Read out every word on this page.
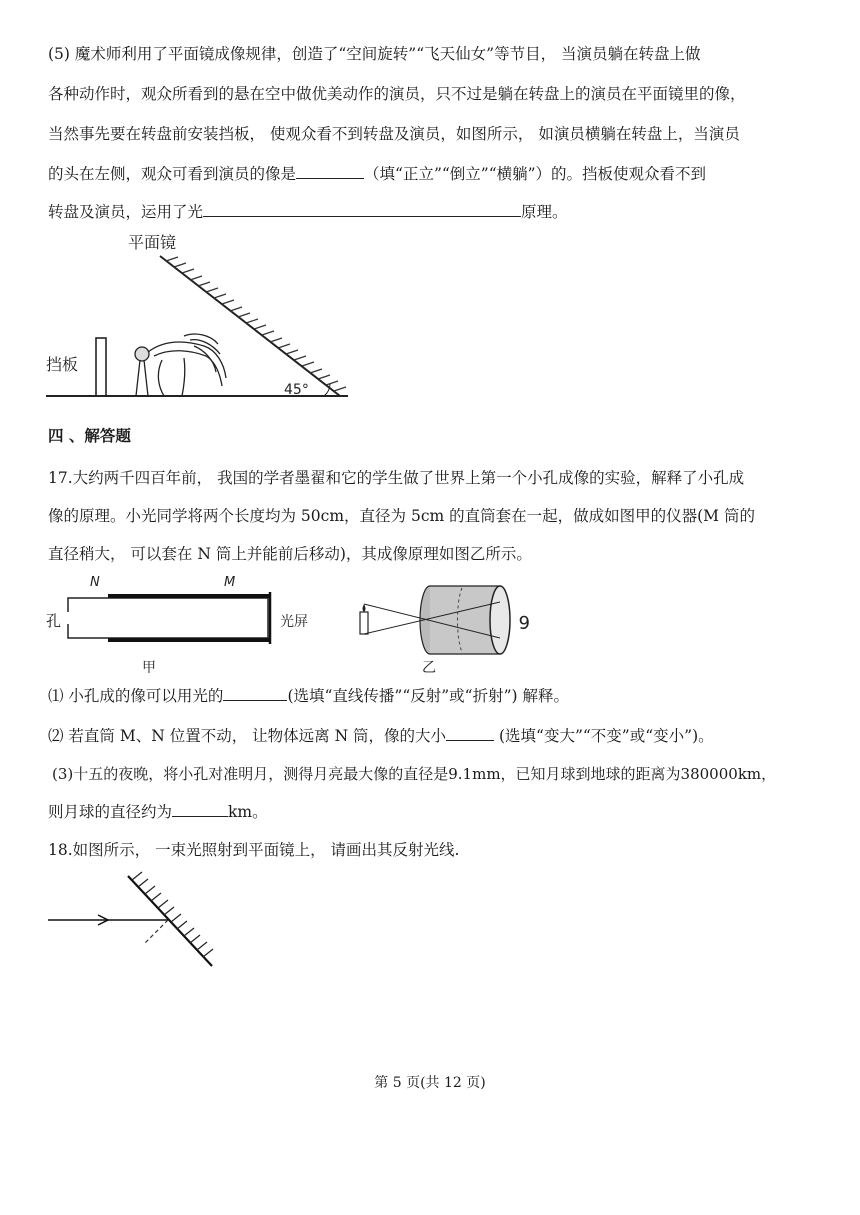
(5) 魔术师利用了平面镜成像规律，创造了“空间旋转”“飞天仙女”等节目， 当演员躺在转盘上做
各种动作时，观众所看到的悬在空中做优美动作的演员，只不过是躺在转盘上的演员在平面镜里的像，
当然事先要在转盘前安装挡板， 使观众看不到转盘及演员，如图所示， 如演员横躺在转盘上，当演员
的头在左侧，观众可看到演员的像是	（填“正立”“倒立”“横躺”）的。挡板使观众看不到
转盘及演员，运用了光	原理。
平面镜
挡板
45°
四 、解答题
17.大约两千四百年前， 我国的学者墨翟和它的学生做了世界上第一个小孔成像的实验，解释了小孔成
像的原理。小光同学将两个长度均为 50cm，直径为 5cm 的直筒套在一起，做成如图甲的仪器(M 筒的
直径稍大， 可以套在 N 筒上并能前后移动)，其成像原理如图乙所示。
N	M
孔	光屏
甲
6
乙
⑴ 小孔成的像可以用光的	(选填“直线传播”“反射”或“折射”) 解释。
⑵ 若直筒 M、N 位置不动， 让物体远离 N 筒，像的大小	(选填“变大”“不变”或“变小”)。
(3)十五的夜晚，将小孔对准明月，测得月亮最大像的直径是9.1mm，已知月球到地球的距离为380000km，
则月球的直径约为	km。
18.如图所示， 一束光照射到平面镜上， 请画出其反射光线.
第 5 页(共 12 页)
